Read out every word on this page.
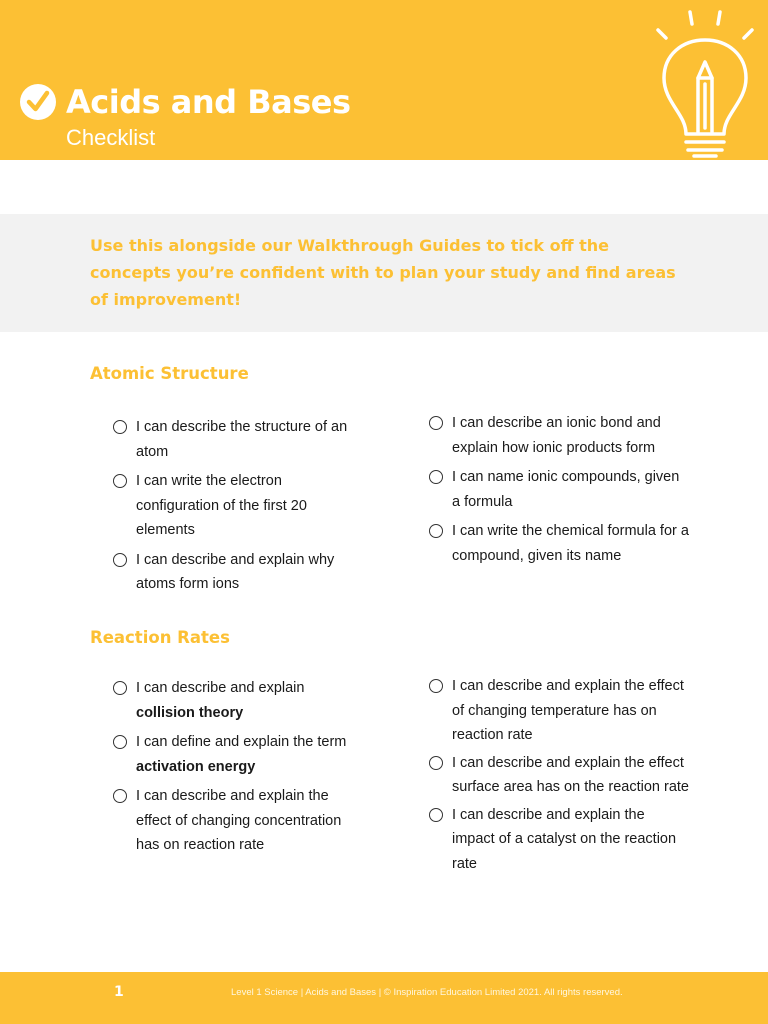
Acids and Bases
Checklist
Use this alongside our Walkthrough Guides to tick off the concepts you’re confident with to plan your study and find areas of improvement!
Atomic Structure
I can describe the structure of an atom
I can write the electron configuration of the first 20 elements
I can describe and explain why atoms form ions
I can describe an ionic bond and explain how ionic products form
I can name ionic compounds, given a formula
I can write the chemical formula for a compound, given its name
Reaction Rates
I can describe and explain collision theory
I can define and explain the term activation energy
I can describe and explain the effect of changing concentration has on reaction rate
I can describe and explain the effect of changing temperature has on reaction rate
I can describe and explain the effect surface area has on the reaction rate
I can describe and explain the impact of a catalyst on the reaction rate
1	Level 1 Science | Acids and Bases | © Inspiration Education Limited 2021. All rights reserved.
